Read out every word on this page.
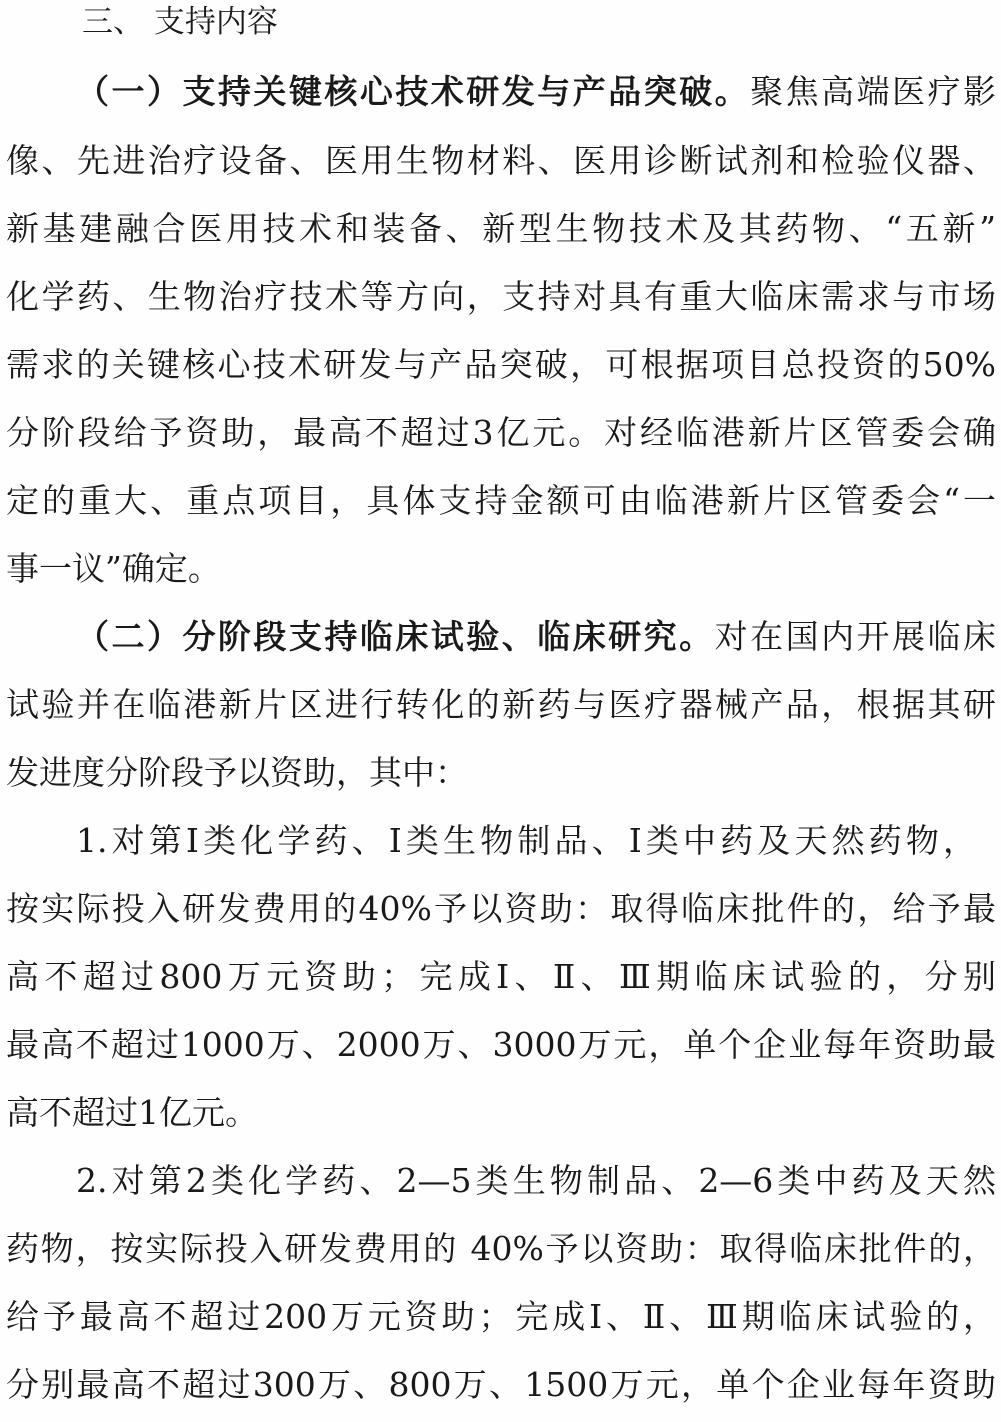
三、 支持内容
（一）支持关键核心技术研发与产品突破。聚焦高端医疗影
像、先进治疗设备、医用生物材料、医用诊断试剂和检验仪器、
新基建融合医用技术和装备、新型生物技术及其药物、“五新”
化学药、生物治疗技术等方向，支持对具有重大临床需求与市场
需求的关键核心技术研发与产品突破，可根据项目总投资的50%
分阶段给予资助，最高不超过3亿元。对经临港新片区管委会确
定的重大、重点项目，具体支持金额可由临港新片区管委会“一
事一议”确定。
（二）分阶段支持临床试验、临床研究。对在国内开展临床
试验并在临港新片区进行转化的新药与医疗器械产品，根据其研
发进度分阶段予以资助，其中：
1.对第Ⅰ类化学药、Ⅰ类生物制品、Ⅰ类中药及天然药物，
按实际投入研发费用的40%予以资助：取得临床批件的，给予最
高不超过800万元资助；完成Ⅰ、Ⅱ、Ⅲ期临床试验的，分别
最高不超过1000万、2000万、3000万元，单个企业每年资助最
高不超过1亿元。
2.对第2类化学药、2—5类生物制品、2—6类中药及天然
药物，按实际投入研发费用的 40%予以资助：取得临床批件的，
给予最高不超过200万元资助；完成Ⅰ、Ⅱ、Ⅲ期临床试验的，
分别最高不超过300万、800万、1500万元，单个企业每年资助
